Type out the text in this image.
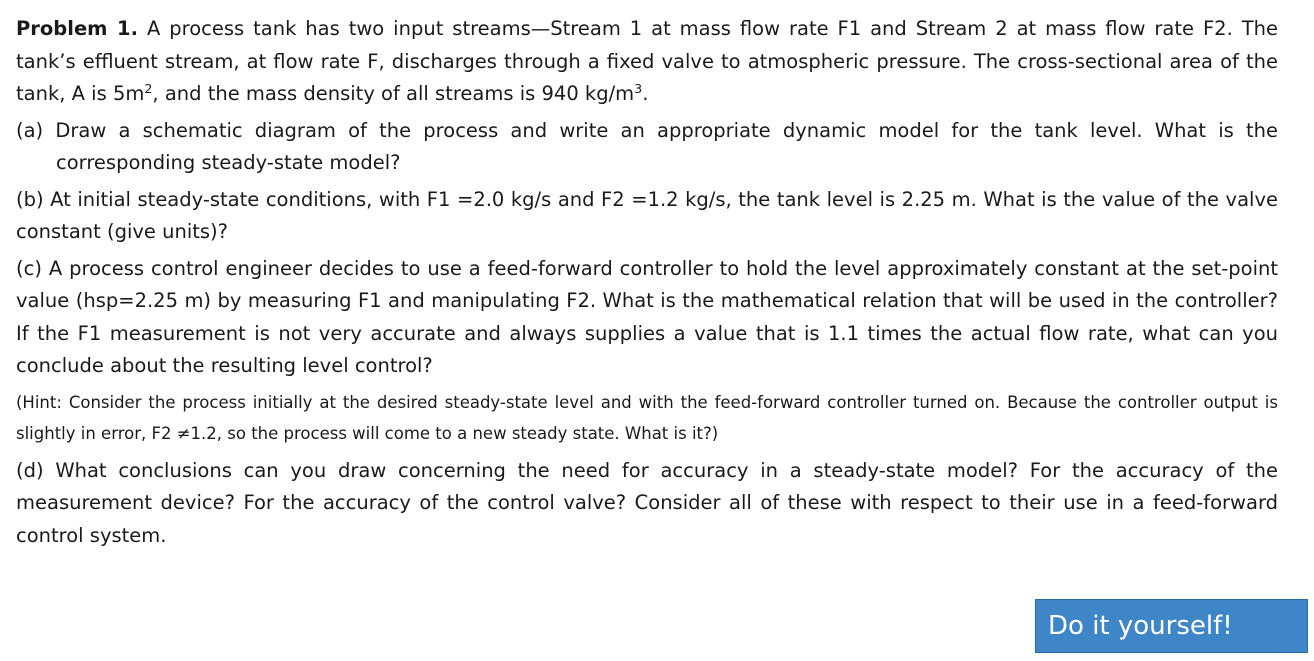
Problem 1. A process tank has two input streams—Stream 1 at mass flow rate F1 and Stream 2 at mass flow rate F2. The tank’s effluent stream, at flow rate F, discharges through a fixed valve to atmospheric pressure. The cross-sectional area of the tank, A is $5m^2$, and the mass density of all streams is 940 $kg/m^3$.

(a) Draw a schematic diagram of the process and write an appropriate dynamic model for the tank level. What is the corresponding steady-state model?

(b) At initial steady-state conditions, with F1 =2.0 kg/s and F2 =1.2 kg/s, the tank level is 2.25 m. What is the value of the valve constant (give units)?

(c) A process control engineer decides to use a feed-forward controller to hold the level approximately constant at the set-point value (hsp=2.25 m) by measuring F1 and manipulating F2. What is the mathematical relation that will be used in the controller? If the F1 measurement is not very accurate and always supplies a value that is 1.1 times the actual flow rate, what can you conclude about the resulting level control?

(Hint: Consider the process initially at the desired steady-state level and with the feed-forward controller turned on. Because the controller output is slightly in error, F2 ≠1.2, so the process will come to a new steady state. What is it?)

(d) What conclusions can you draw concerning the need for accuracy in a steady-state model? For the accuracy of the measurement device? For the accuracy of the control valve? Consider all of these with respect to their use in a feed-forward control system.

Do it yourself!
